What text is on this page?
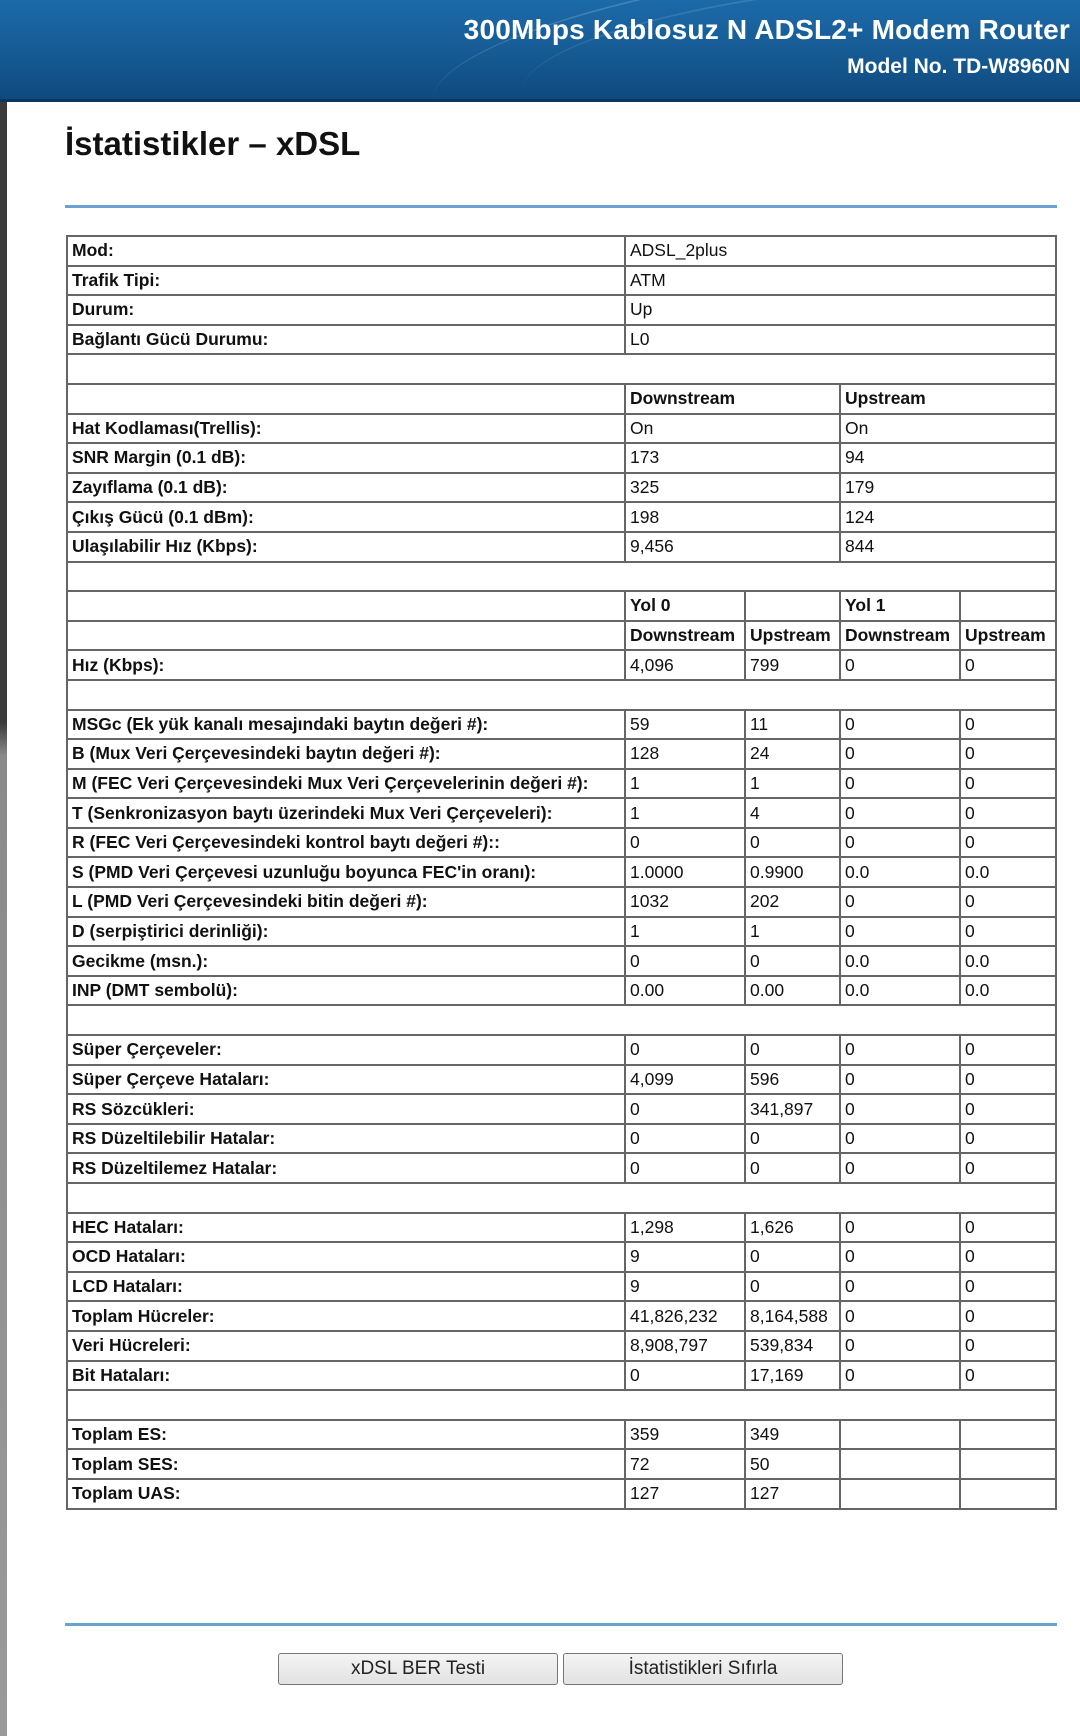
300Mbps Kablosuz N ADSL2+ Modem Router
Model No. TD-W8960N
İstatistikler – xDSL
Mod:	ADSL_2plus			
Trafik Tipi:	ATM			
Durum:	Up			
Bağlantı Gücü Durumu:	L0			

	Downstream		Upstream	
Hat Kodlaması(Trellis):	On		On	
SNR Margin (0.1 dB):	173		94	
Zayıflama (0.1 dB):	325		179	
Çıkış Gücü (0.1 dBm):	198		124	
Ulaşılabilir Hız (Kbps):	9,456		844	

	Yol 0		Yol 1	
	Downstream	Upstream	Downstream	Upstream
Hız (Kbps):	4,096	799	0	0

MSGc (Ek yük kanalı mesajındaki baytın değeri #):	59	11	0	0
B (Mux Veri Çerçevesindeki baytın değeri #):	128	24	0	0
M (FEC Veri Çerçevesindeki Mux Veri Çerçevelerinin değeri #):	1	1	0	0
T (Senkronizasyon baytı üzerindeki Mux Veri Çerçeveleri):	1	4	0	0
R (FEC Veri Çerçevesindeki kontrol baytı değeri #)::	0	0	0	0
S (PMD Veri Çerçevesi uzunluğu boyunca FEC'in oranı):	1.0000	0.9900	0.0	0.0
L (PMD Veri Çerçevesindeki bitin değeri #):	1032	202	0	0
D (serpiştirici derinliği):	1	1	0	0
Gecikme (msn.):	0	0	0.0	0.0
INP (DMT sembolü):	0.00	0.00	0.0	0.0

Süper Çerçeveler:	0	0	0	0
Süper Çerçeve Hataları:	4,099	596	0	0
RS Sözcükleri:	0	341,897	0	0
RS Düzeltilebilir Hatalar:	0	0	0	0
RS Düzeltilemez Hatalar:	0	0	0	0

HEC Hataları:	1,298	1,626	0	0
OCD Hataları:	9	0	0	0
LCD Hataları:	9	0	0	0
Toplam Hücreler:	41,826,232	8,164,588	0	0
Veri Hücreleri:	8,908,797	539,834	0	0
Bit Hataları:	0	17,169	0	0

Toplam ES:	359	349		
Toplam SES:	72	50		
Toplam UAS:	127	127		
xDSL BER Testi	İstatistikleri Sıfırla
